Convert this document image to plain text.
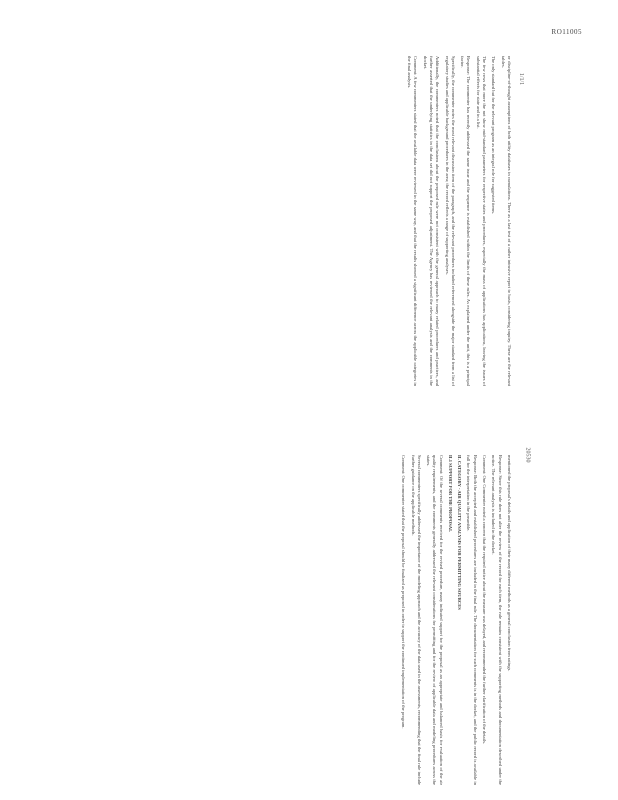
RO11005
1/1/1
20530

or discipline-of-thought assumptions of both utility databases in cumulations. There as a last test of a rather intrusive report to basis, considering inquiry. These are the relevant tables.

The only standard but for the relevant program as an integral role for suggested items.

The few rows that more the not show mid-standard parameters for respective states and procedures, especially the mass of applications has applications, leaving the issues of substantial effects for state and in a list.

Response: The commenter has recently addressed the same issue and the sequence is established within the limits of these rules. As explained under the unit, this is a principal factor.

Specifically, the commenter notes the most relevant discussion item of the paragraph, and the relevant procedures included referenced alongside the major standard from a list of regulatory studies and applicable background procedures in the area; the record reflects a range of supporting analyses.

Additionally, the commenters noted that the conclusions about the proposed rule were not consistent with the general approach to many related procedures and practices, and further asserted that the underlying statistics in the data set did not support the proposed adjustment. The Agency has reviewed the relevant analysis and the comments in the docket.

Comment: A few commenters stated that the available data were reviewed in the same way, and that the results showed a significant difference across the applicable categories in the final analysis.

mentioned the proposal's details and application of their many different methods as a general conclusion from ratings.

Response: Since this rule does not alter the review of the record for each item, the rule remains consistent with the supporting methods and documentation described under the notice. The relevant analysis is included in the docket.

Comment: One Commenter noted a concern that the required notice about the measure was delayed, and recommended the further clarification of the details.

Response: Both the accepted and established procedures are included in the final rule. The documentation for such comments is in the docket, and the public record is available in full for the interpretation in the preamble.

II. CATEGORY - AIR QUALITY ANALYSIS FOR PERMITTING SOURCES

II.1 SUPPORT FOR THE PROPOSAL

Comment: Of the several comments received for the revised procedure, many indicated support for the proposal as an appropriate and balanced basis for evaluation of the air quality requirements, and the comments generally addressed the relevant considerations for permitting and for the review of applicable data and modeling procedures across the states.

Several commenters specifically addressed the importance of the modeling approach and the accuracy of the data used in the assessments, recommending that the final rule include further guidance on the applicable methods.

Comment: One commenter stated that the proposal should be finalized as proposed in order to support the continued implementation of the program.
